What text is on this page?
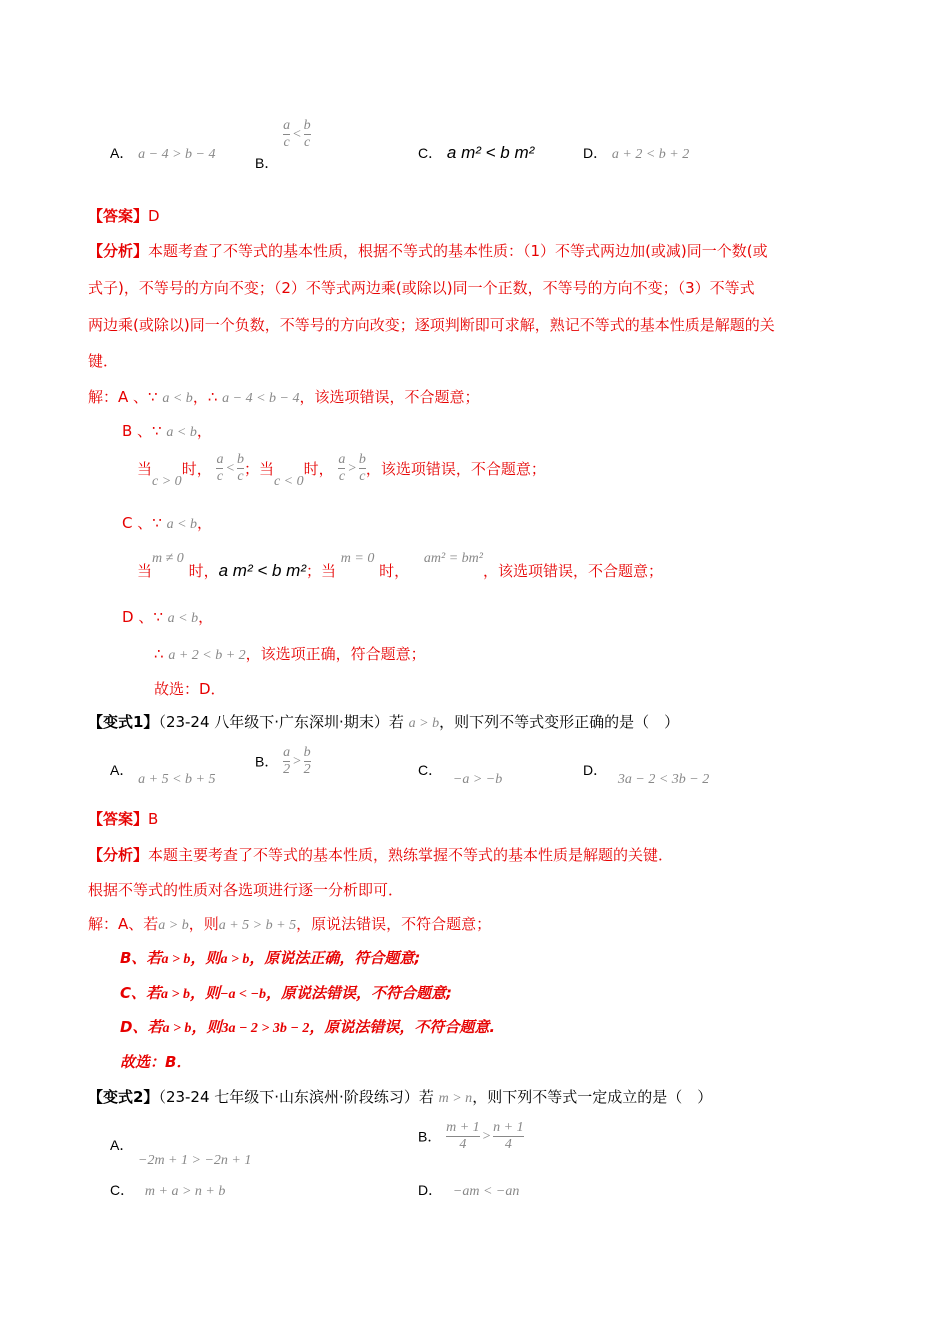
A． a − 4 > b − 4
B．
$\frac{a}{c} < \frac{b}{c}$
C． a m² < b m²	D． a + 2 < b + 2
【答案】D
【分析】本题考查了不等式的基本性质，根据不等式的基本性质：（1）不等式两边加(或减)同一个数(或
式子)，不等号的方向不变；（2）不等式两边乘(或除以)同一个正数，不等号的方向不变；（3）不等式
两边乘(或除以)同一个负数，不等号的方向改变；逐项判断即可求解，熟记不等式的基本性质是解题的关
键．
解：A 、∵ a < b，∴ a − 4 < b − 4，该选项错误，不合题意；
B 、∵ a < b，
当c > 0时， $\frac{a}{c} < \frac{b}{c}$ ；当c < 0时， $\frac{a}{c} > \frac{b}{c}$ ，该选项错误，不合题意；
C 、∵ a < b，
当m ≠ 0 时，a m² < b m²；当 m = 0 时， am² = bm²，该选项错误，不合题意；
D 、∵ a < b，
∴ a + 2 < b + 2，该选项正确，符合题意；
故选：D．
【变式1】（23-24 八年级下·广东深圳·期末）若 a > b，则下列不等式变形正确的是（　）
A． a + 5 < b + 5
B． $\frac{a}{2} > \frac{b}{2}$	C． −a > −b
D． 3a − 2 < 3b − 2
【答案】B
【分析】本题主要考查了不等式的基本性质，熟练掌握不等式的基本性质是解题的关键．
根据不等式的性质对各选项进行逐一分析即可．
解：A、若a > b，则a + 5 > b + 5，原说法错误，不符合题意；
B、若a > b，则a > b，原说法正确，符合题意;
C、若a > b，则−a < −b，原说法错误，不符合题意;
D、若a > b，则3a − 2 > 3b − 2，原说法错误，不符合题意.
故选：B．
【变式2】（23-24 七年级下·山东滨州·阶段练习）若 m > n，则下列不等式一定成立的是（　）
A．
−2m + 1 > −2n + 1
B． $\frac{m + 1}{4} > \frac{n + 1}{4}$
C． m + a > n + b	D． −am < −an
